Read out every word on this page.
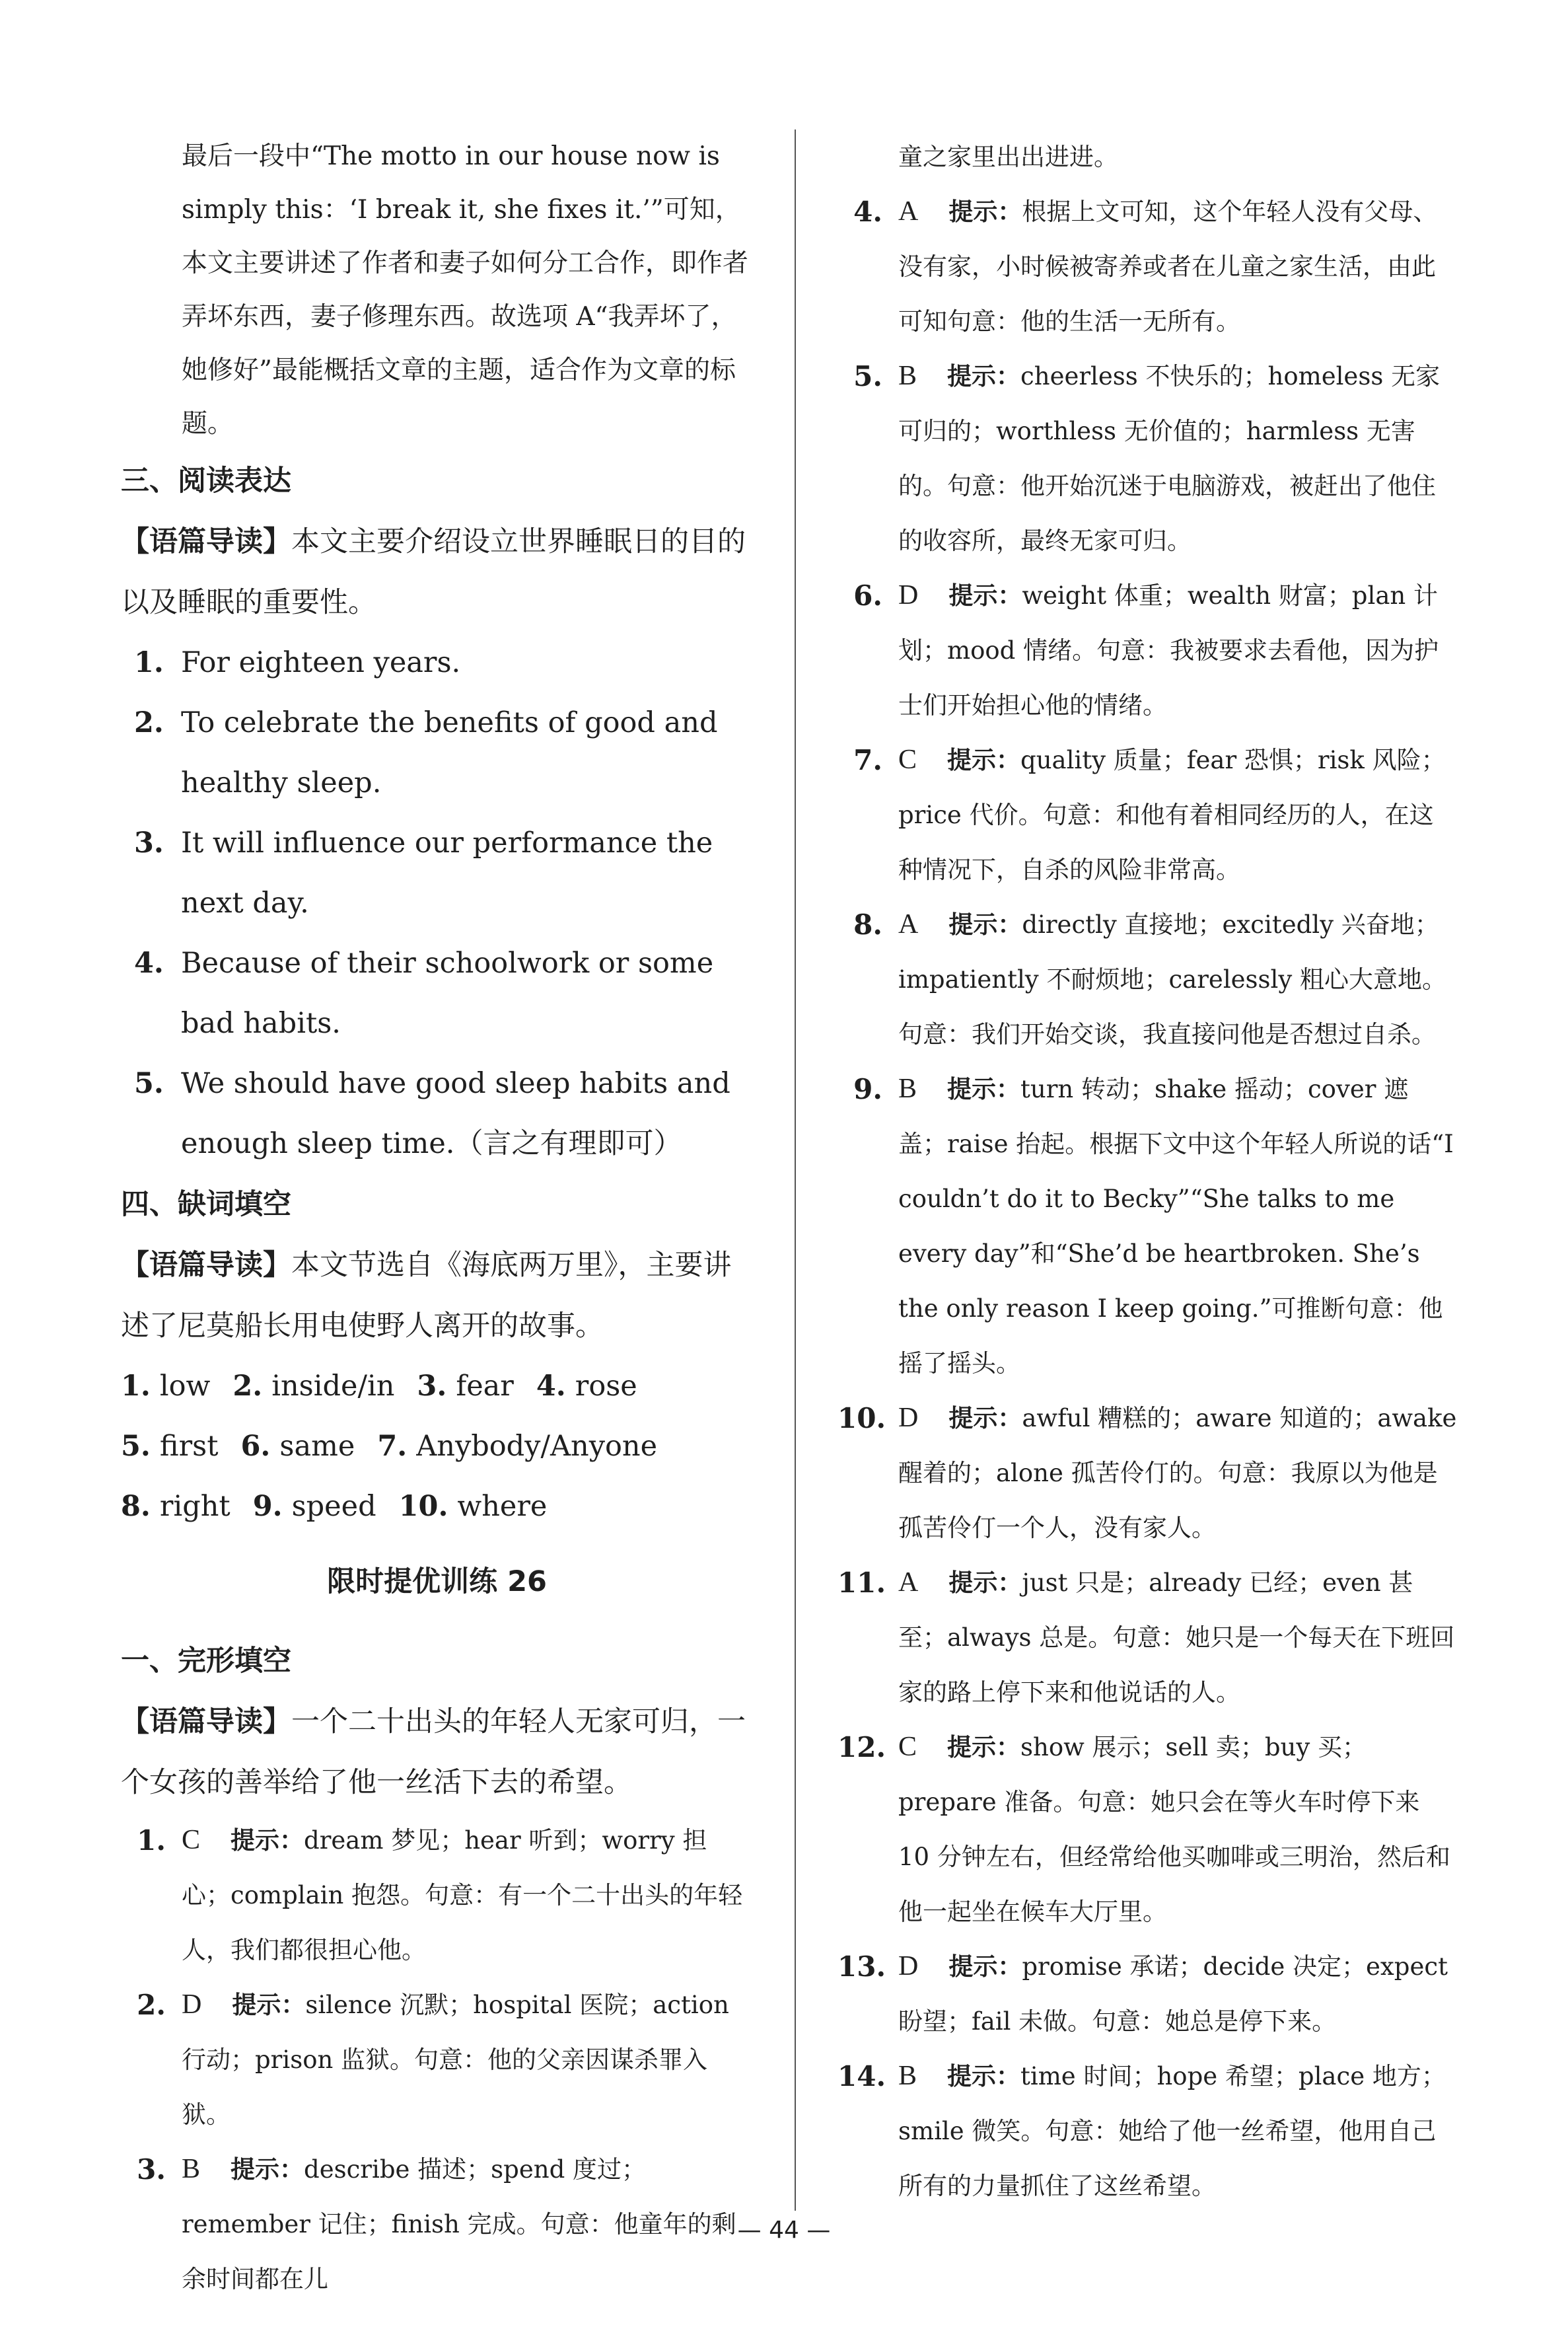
最后一段中“The motto in our house now is simply this：‘I break it, she fixes it.’”可知，本文主要讲述了作者和妻子如何分工合作，即作者弄坏东西，妻子修理东西。故选项 A“我弄坏了，她修好”最能概括文章的主题，适合作为文章的标题。
三、阅读表达
【语篇导读】本文主要介绍设立世界睡眠日的目的以及睡眠的重要性。
1. For eighteen years.
2. To celebrate the benefits of good and healthy sleep.
3. It will influence our performance the next day.
4. Because of their schoolwork or some bad habits.
5. We should have good sleep habits and enough sleep time.（言之有理即可）
四、缺词填空
【语篇导读】本文节选自《海底两万里》，主要讲述了尼莫船长用电使野人离开的故事。
1. low 2. inside/in 3. fear 4. rose
5. first 6. same 7. Anybody/Anyone
8. right 9. speed 10. where
限时提优训练 26
一、完形填空
【语篇导读】一个二十出头的年轻人无家可归，一个女孩的善举给了他一丝活下去的希望。
1. C 提示：dream 梦见；hear 听到；worry 担心；complain 抱怨。句意：有一个二十出头的年轻人，我们都很担心他。
2. D 提示：silence 沉默；hospital 医院；action 行动；prison 监狱。句意：他的父亲因谋杀罪入狱。
3. B 提示：describe 描述；spend 度过；remember 记住；finish 完成。句意：他童年的剩余时间都在儿
童之家里出出进进。
4. A 提示：根据上文可知，这个年轻人没有父母、没有家，小时候被寄养或者在儿童之家生活，由此可知句意：他的生活一无所有。
5. B 提示：cheerless 不快乐的；homeless 无家可归的；worthless 无价值的；harmless 无害的。句意：他开始沉迷于电脑游戏，被赶出了他住的收容所，最终无家可归。
6. D 提示：weight 体重；wealth 财富；plan 计划；mood 情绪。句意：我被要求去看他，因为护士们开始担心他的情绪。
7. C 提示：quality 质量；fear 恐惧；risk 风险；price 代价。句意：和他有着相同经历的人，在这种情况下，自杀的风险非常高。
8. A 提示：directly 直接地；excitedly 兴奋地；impatiently 不耐烦地；carelessly 粗心大意地。句意：我们开始交谈，我直接问他是否想过自杀。
9. B 提示：turn 转动；shake 摇动；cover 遮盖；raise 抬起。根据下文中这个年轻人所说的话“I couldn’t do it to Becky”“She talks to me every day”和“She’d be heartbroken. She’s the only reason I keep going.”可推断句意：他摇了摇头。
10. D 提示：awful 糟糕的；aware 知道的；awake 醒着的；alone 孤苦伶仃的。句意：我原以为他是孤苦伶仃一个人，没有家人。
11. A 提示：just 只是；already 已经；even 甚至；always 总是。句意：她只是一个每天在下班回家的路上停下来和他说话的人。
12. C 提示：show 展示；sell 卖；buy 买；prepare 准备。句意：她只会在等火车时停下来 10 分钟左右，但经常给他买咖啡或三明治，然后和他一起坐在候车大厅里。
13. D 提示：promise 承诺；decide 决定；expect 盼望；fail 未做。句意：她总是停下来。
14. B 提示：time 时间；hope 希望；place 地方；smile 微笑。句意：她给了他一丝希望，他用自己所有的力量抓住了这丝希望。
— 44 —
